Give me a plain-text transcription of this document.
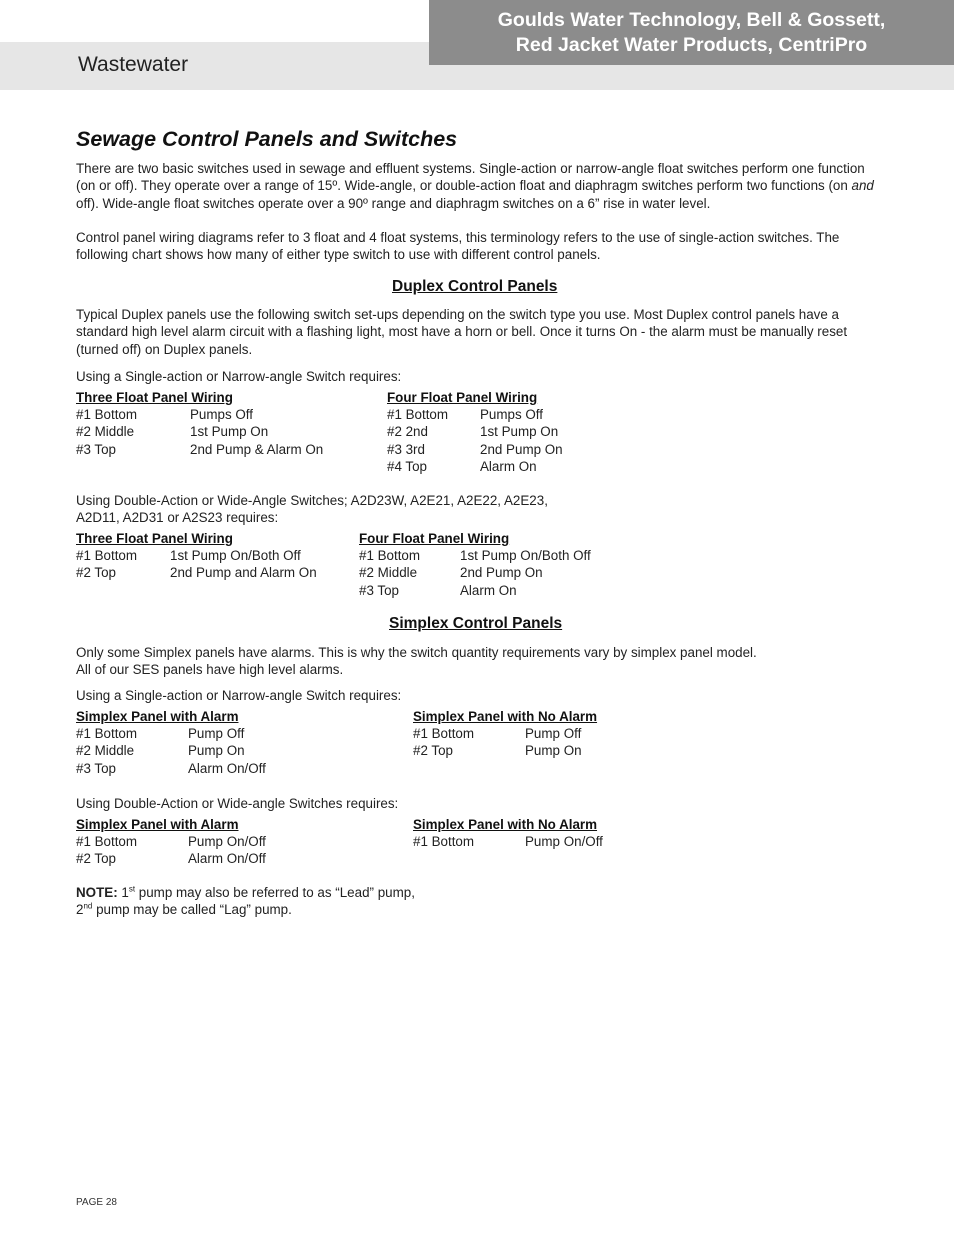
Wastewater
Goulds Water Technology, Bell & Gossett,
Red Jacket Water Products, CentriPro
Sewage Control Panels and Switches
There are two basic switches used in sewage and effluent systems. Single-action or narrow-angle float switches perform one function (on or off). They operate over a range of 15º. Wide-angle, or double-action float and diaphragm switches perform two functions (on and off). Wide-angle float switches operate over a 90º range and diaphragm switches on a 6” rise in water level.
Control panel wiring diagrams refer to 3 float and 4 float systems, this terminology refers to the use of single-action switches. The following chart shows how many of either type switch to use with different control panels.
Duplex Control Panels
Typical Duplex panels use the following switch set-ups depending on the switch type you use. Most Duplex control panels have a standard high level alarm circuit with a flashing light, most have a horn or bell. Once it turns On - the alarm must be manually reset (turned off) on Duplex panels.
Using a Single-action or Narrow-angle Switch requires:
Three Float Panel Wiring
#1 Bottom	Pumps Off
#2 Middle	1st Pump On
#3 Top	2nd Pump & Alarm On
Four Float Panel Wiring
#1 Bottom Pumps Off
#2 2nd	1st Pump On
#3 3rd	2nd Pump On
#4 Top	Alarm On
Using Double-Action or Wide-Angle Switches; A2D23W, A2E21, A2E22, A2E23,
A2D11, A2D31 or A2S23 requires:
Three Float Panel Wiring
#1 Bottom 1st Pump On/Both Off
#2 Top	2nd Pump and Alarm On
Four Float Panel Wiring
#1 Bottom	1st Pump On/Both Off
#2 Middle	2nd Pump On
#3 Top	Alarm On
Simplex Control Panels
Only some Simplex panels have alarms. This is why the switch quantity requirements vary by simplex panel model.
All of our SES panels have high level alarms.
Using a Single-action or Narrow-angle Switch requires:
Simplex Panel with Alarm
#1 Bottom	Pump Off
#2 Middle	Pump On
#3 Top	Alarm On/Off
Simplex Panel with No Alarm
#1 Bottom	Pump Off
#2 Top	Pump On
Using Double-Action or Wide-angle Switches requires:
Simplex Panel with Alarm
#1 Bottom	Pump On/Off
#2 Top	Alarm On/Off
Simplex Panel with No Alarm
#1 Bottom	Pump On/Off
NOTE: 1st pump may also be referred to as “Lead” pump,
2nd pump may be called “Lag” pump.
PAGE 28
